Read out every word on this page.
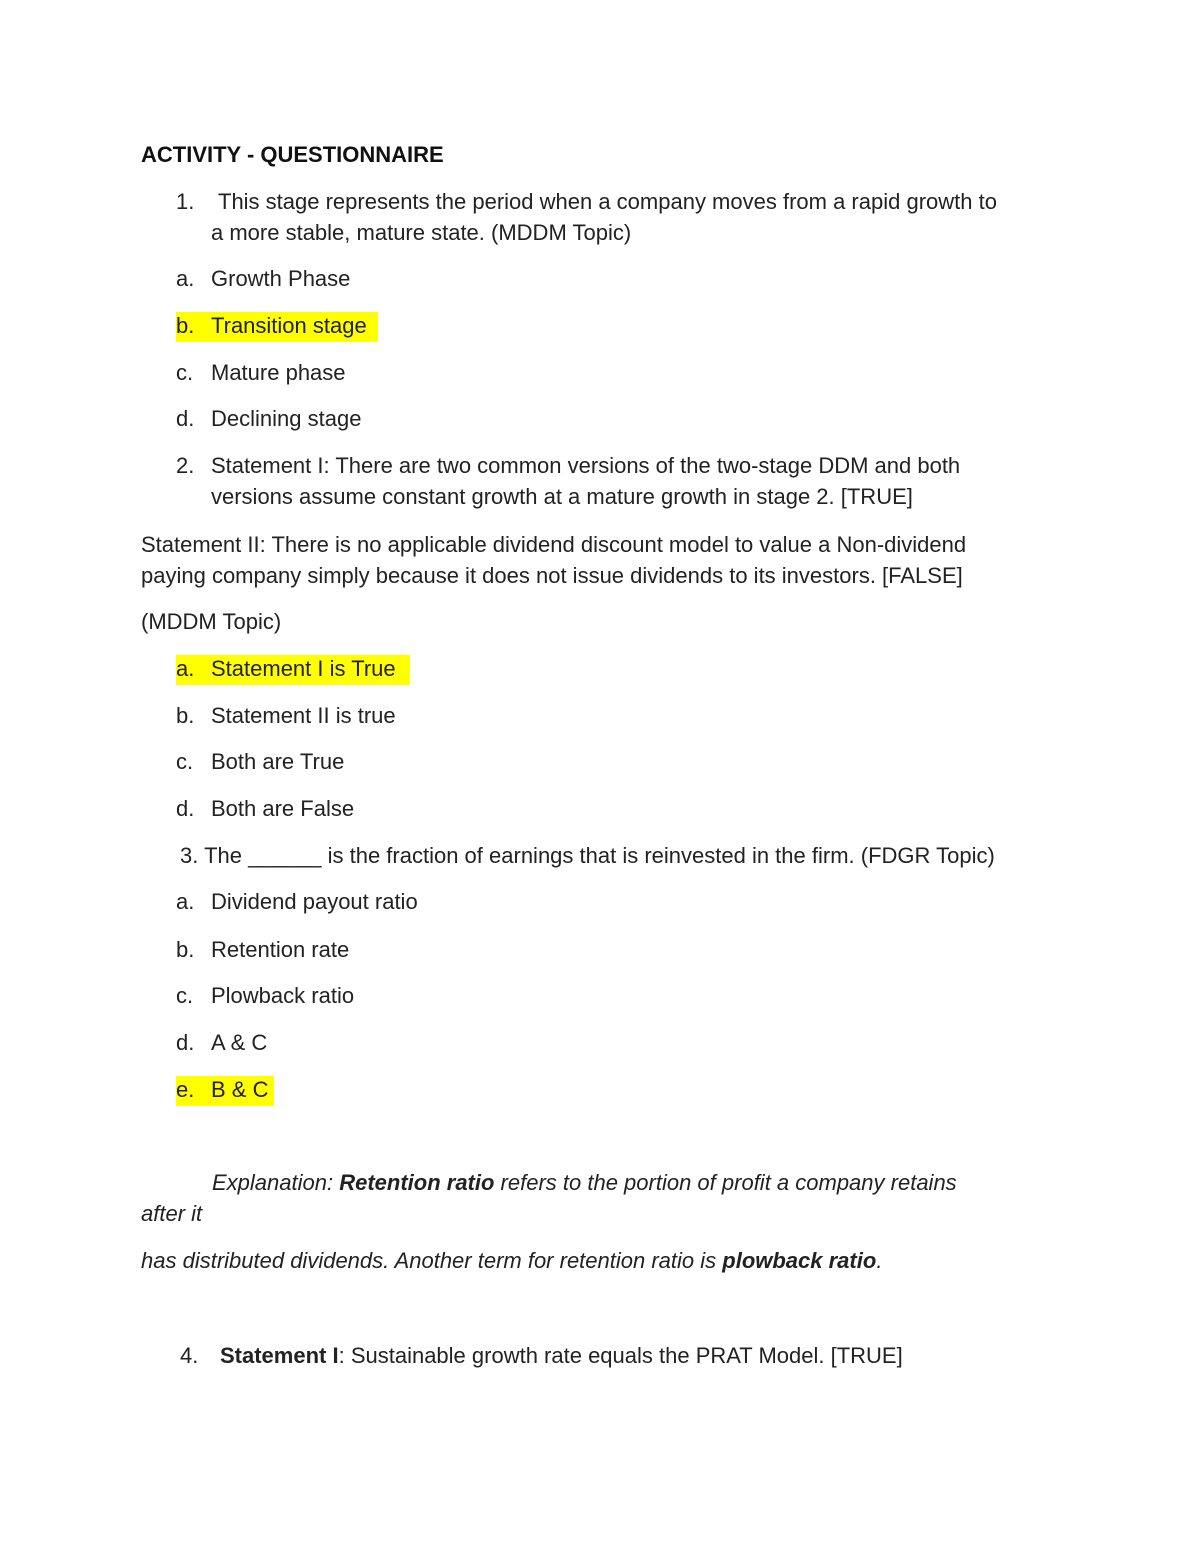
ACTIVITY - QUESTIONNAIRE
1. This stage represents the period when a company moves from a rapid growth to
a more stable, mature state. (MDDM Topic)
a. Growth Phase
b. Transition stage
c. Mature phase
d. Declining stage
2. Statement I: There are two common versions of the two-stage DDM and both
versions assume constant growth at a mature growth in stage 2. [TRUE]
Statement II: There is no applicable dividend discount model to value a Non-dividend
paying company simply because it does not issue dividends to its investors. [FALSE]
(MDDM Topic)
a. Statement I is True
b. Statement II is true
c. Both are True
d. Both are False
3. The ______ is the fraction of earnings that is reinvested in the firm. (FDGR Topic)
a. Dividend payout ratio
b. Retention rate
c. Plowback ratio
d. A & C
e. B & C
Explanation: Retention ratio refers to the portion of profit a company retains
after it
has distributed dividends. Another term for retention ratio is plowback ratio.
4. Statement I: Sustainable growth rate equals the PRAT Model. [TRUE]
